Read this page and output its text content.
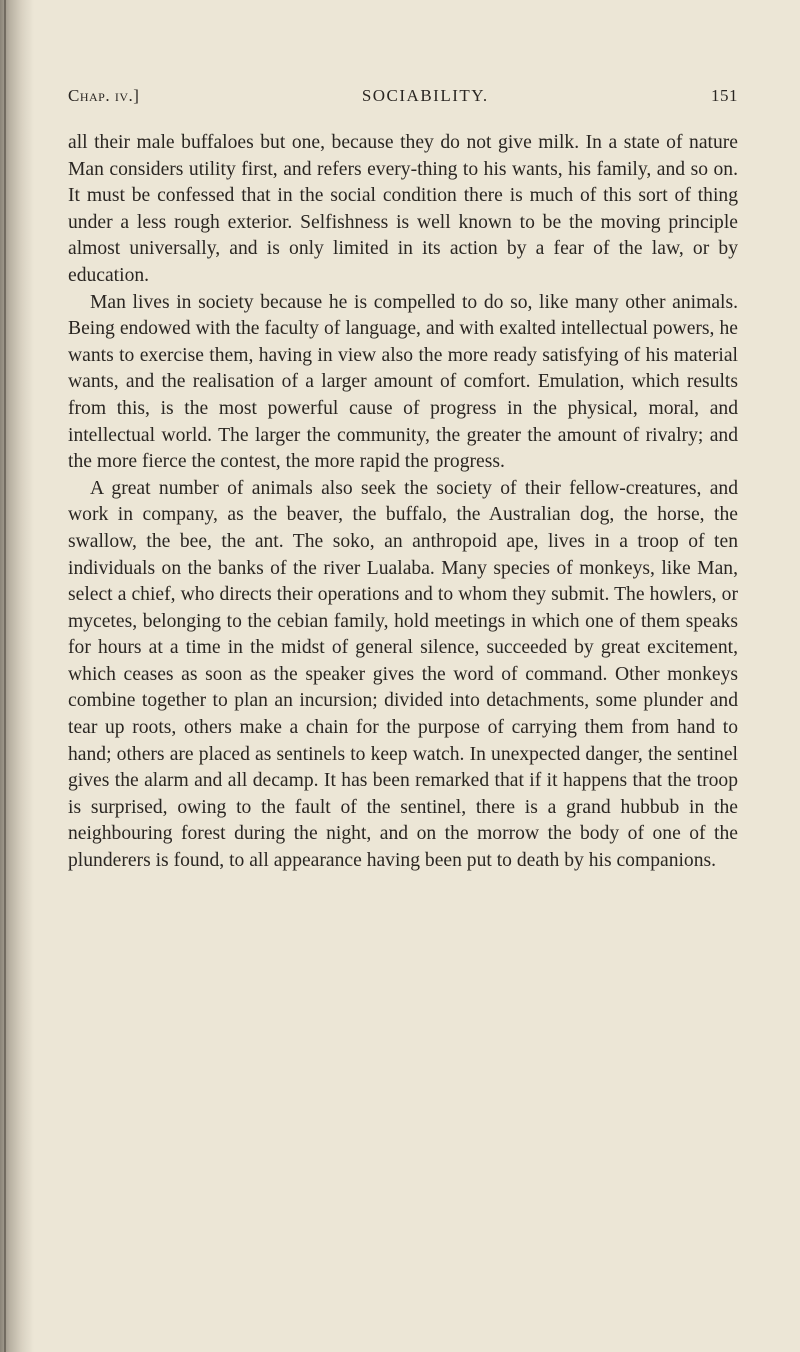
Chap. iv.]	SOCIABILITY.	151

all their male buffaloes but one, because they do not give milk. In a state of nature Man considers utility first, and refers every-thing to his wants, his family, and so on. It must be confessed that in the social condition there is much of this sort of thing under a less rough exterior. Selfishness is well known to be the moving principle almost universally, and is only limited in its action by a fear of the law, or by education.

Man lives in society because he is compelled to do so, like many other animals. Being endowed with the faculty of language, and with exalted intellectual powers, he wants to exercise them, having in view also the more ready satisfying of his material wants, and the realisation of a larger amount of comfort. Emulation, which results from this, is the most powerful cause of progress in the physical, moral, and intellectual world. The larger the community, the greater the amount of rivalry; and the more fierce the contest, the more rapid the progress.

A great number of animals also seek the society of their fellow-creatures, and work in company, as the beaver, the buffalo, the Australian dog, the horse, the swallow, the bee, the ant. The soko, an anthropoid ape, lives in a troop of ten individuals on the banks of the river Lualaba. Many species of monkeys, like Man, select a chief, who directs their operations and to whom they submit. The howlers, or mycetes, belonging to the cebian family, hold meetings in which one of them speaks for hours at a time in the midst of general silence, succeeded by great excitement, which ceases as soon as the speaker gives the word of command. Other monkeys combine together to plan an incursion; divided into detachments, some plunder and tear up roots, others make a chain for the purpose of carrying them from hand to hand; others are placed as sentinels to keep watch. In unexpected danger, the sentinel gives the alarm and all decamp. It has been remarked that if it happens that the troop is surprised, owing to the fault of the sentinel, there is a grand hubbub in the neighbouring forest during the night, and on the morrow the body of one of the plunderers is found, to all appearance having been put to death by his companions.
